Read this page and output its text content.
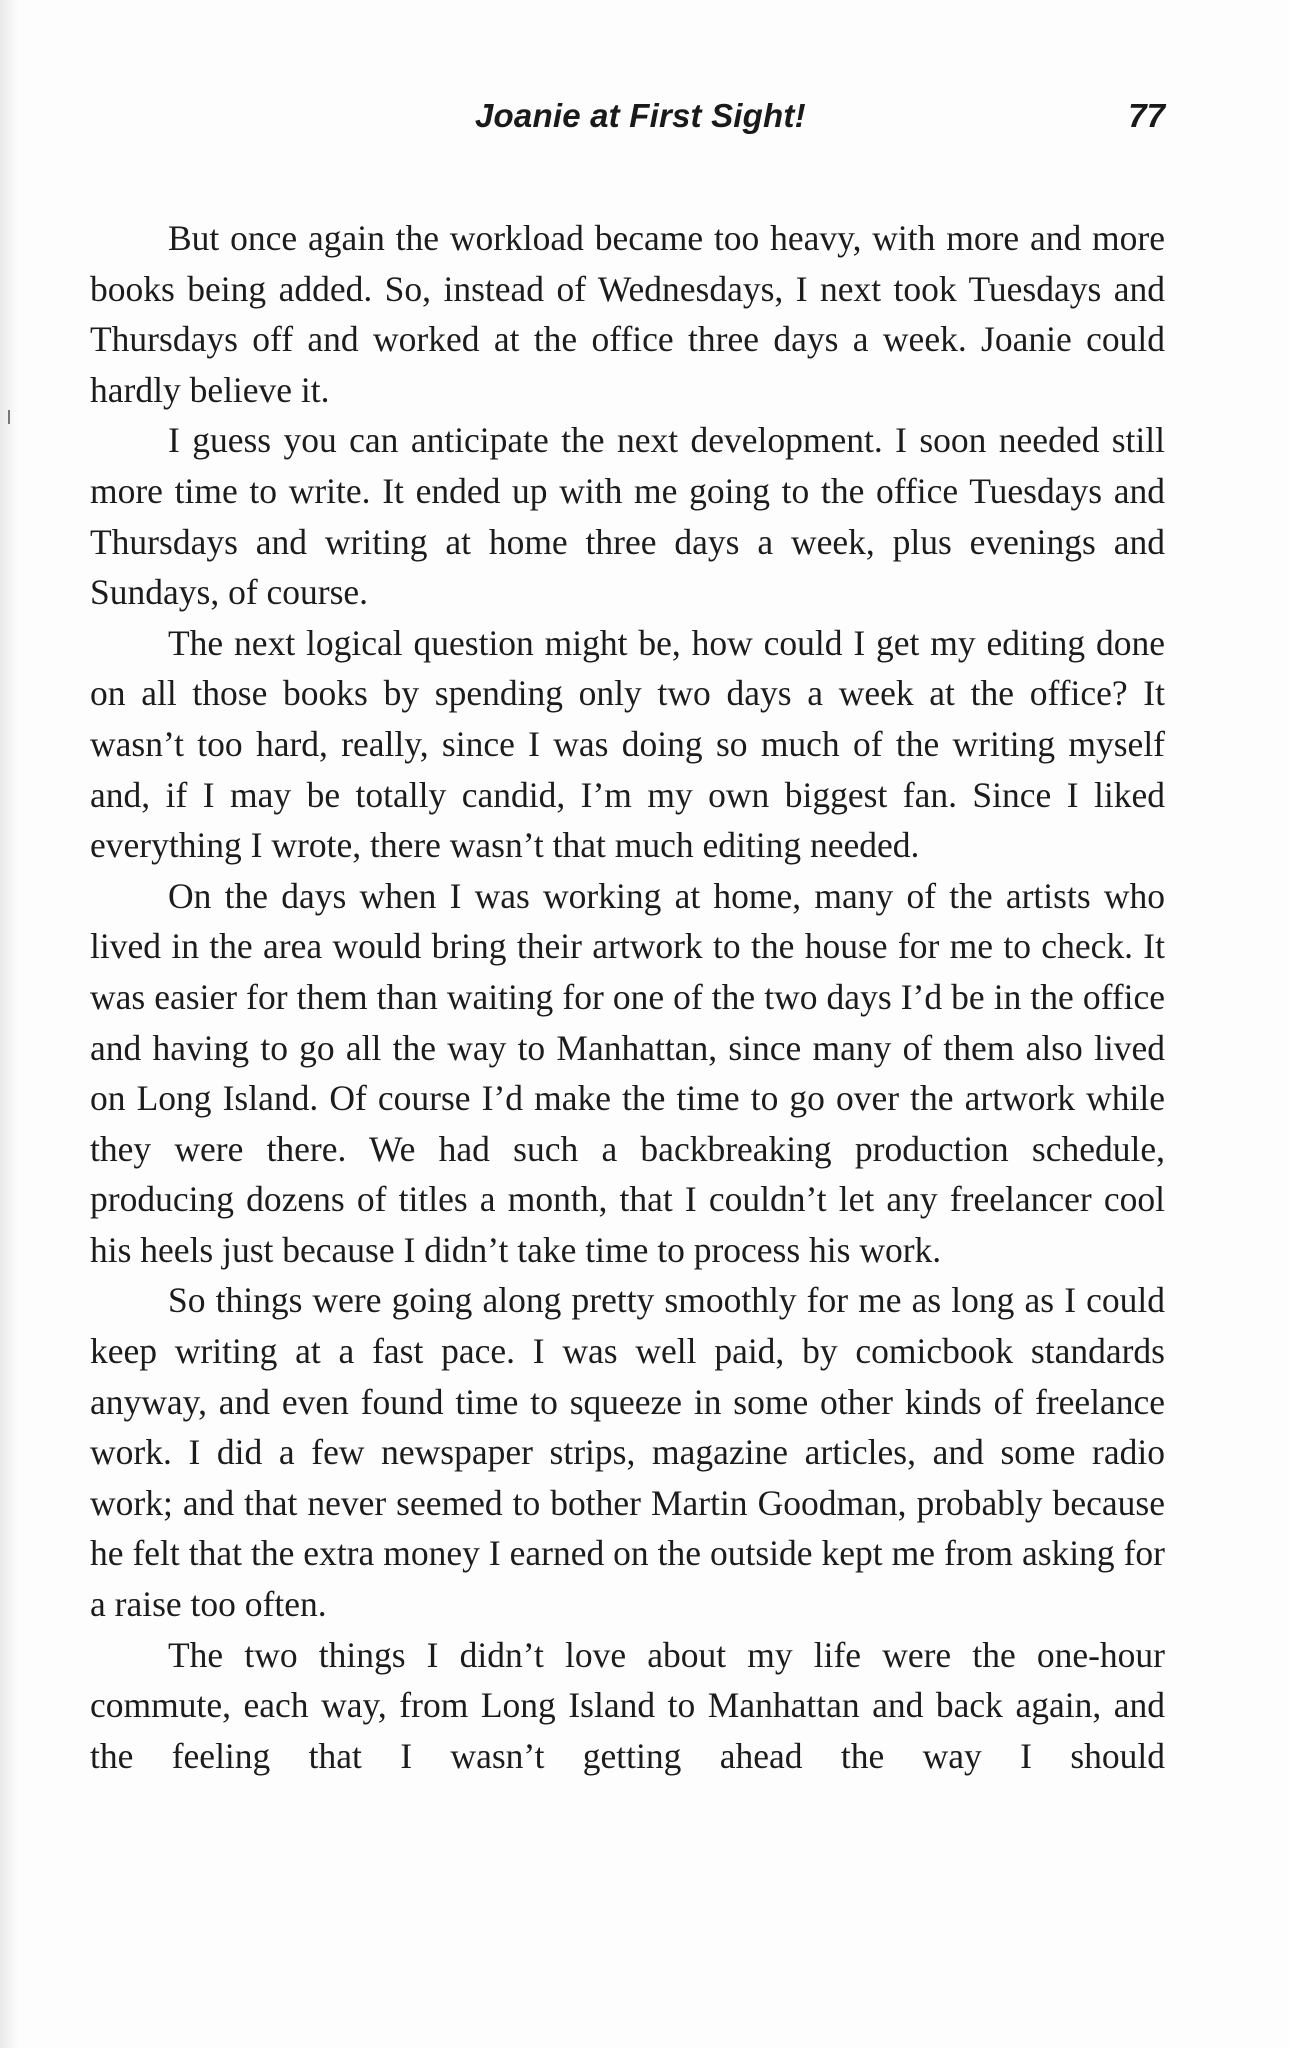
Joanie at First Sight!	77

But once again the workload became too heavy, with more and more books being added. So, instead of Wednesdays, I next took Tuesdays and Thursdays off and worked at the office three days a week. Joanie could hardly believe it.

I guess you can anticipate the next development. I soon needed still more time to write. It ended up with me going to the office Tuesdays and Thursdays and writing at home three days a week, plus evenings and Sundays, of course.

The next logical question might be, how could I get my editing done on all those books by spending only two days a week at the office? It wasn’t too hard, really, since I was doing so much of the writing myself and, if I may be totally candid, I’m my own biggest fan. Since I liked everything I wrote, there wasn’t that much editing needed.

On the days when I was working at home, many of the artists who lived in the area would bring their artwork to the house for me to check. It was easier for them than waiting for one of the two days I’d be in the office and having to go all the way to Manhattan, since many of them also lived on Long Island. Of course I’d make the time to go over the artwork while they were there. We had such a backbreaking production schedule, producing dozens of titles a month, that I couldn’t let any freelancer cool his heels just because I didn’t take time to process his work.

So things were going along pretty smoothly for me as long as I could keep writing at a fast pace. I was well paid, by comicbook standards anyway, and even found time to squeeze in some other kinds of freelance work. I did a few newspaper strips, magazine articles, and some radio work; and that never seemed to bother Martin Goodman, probably because he felt that the extra money I earned on the outside kept me from asking for a raise too often.

The two things I didn’t love about my life were the one-hour commute, each way, from Long Island to Manhattan and back again, and the feeling that I wasn’t getting ahead the way I should
